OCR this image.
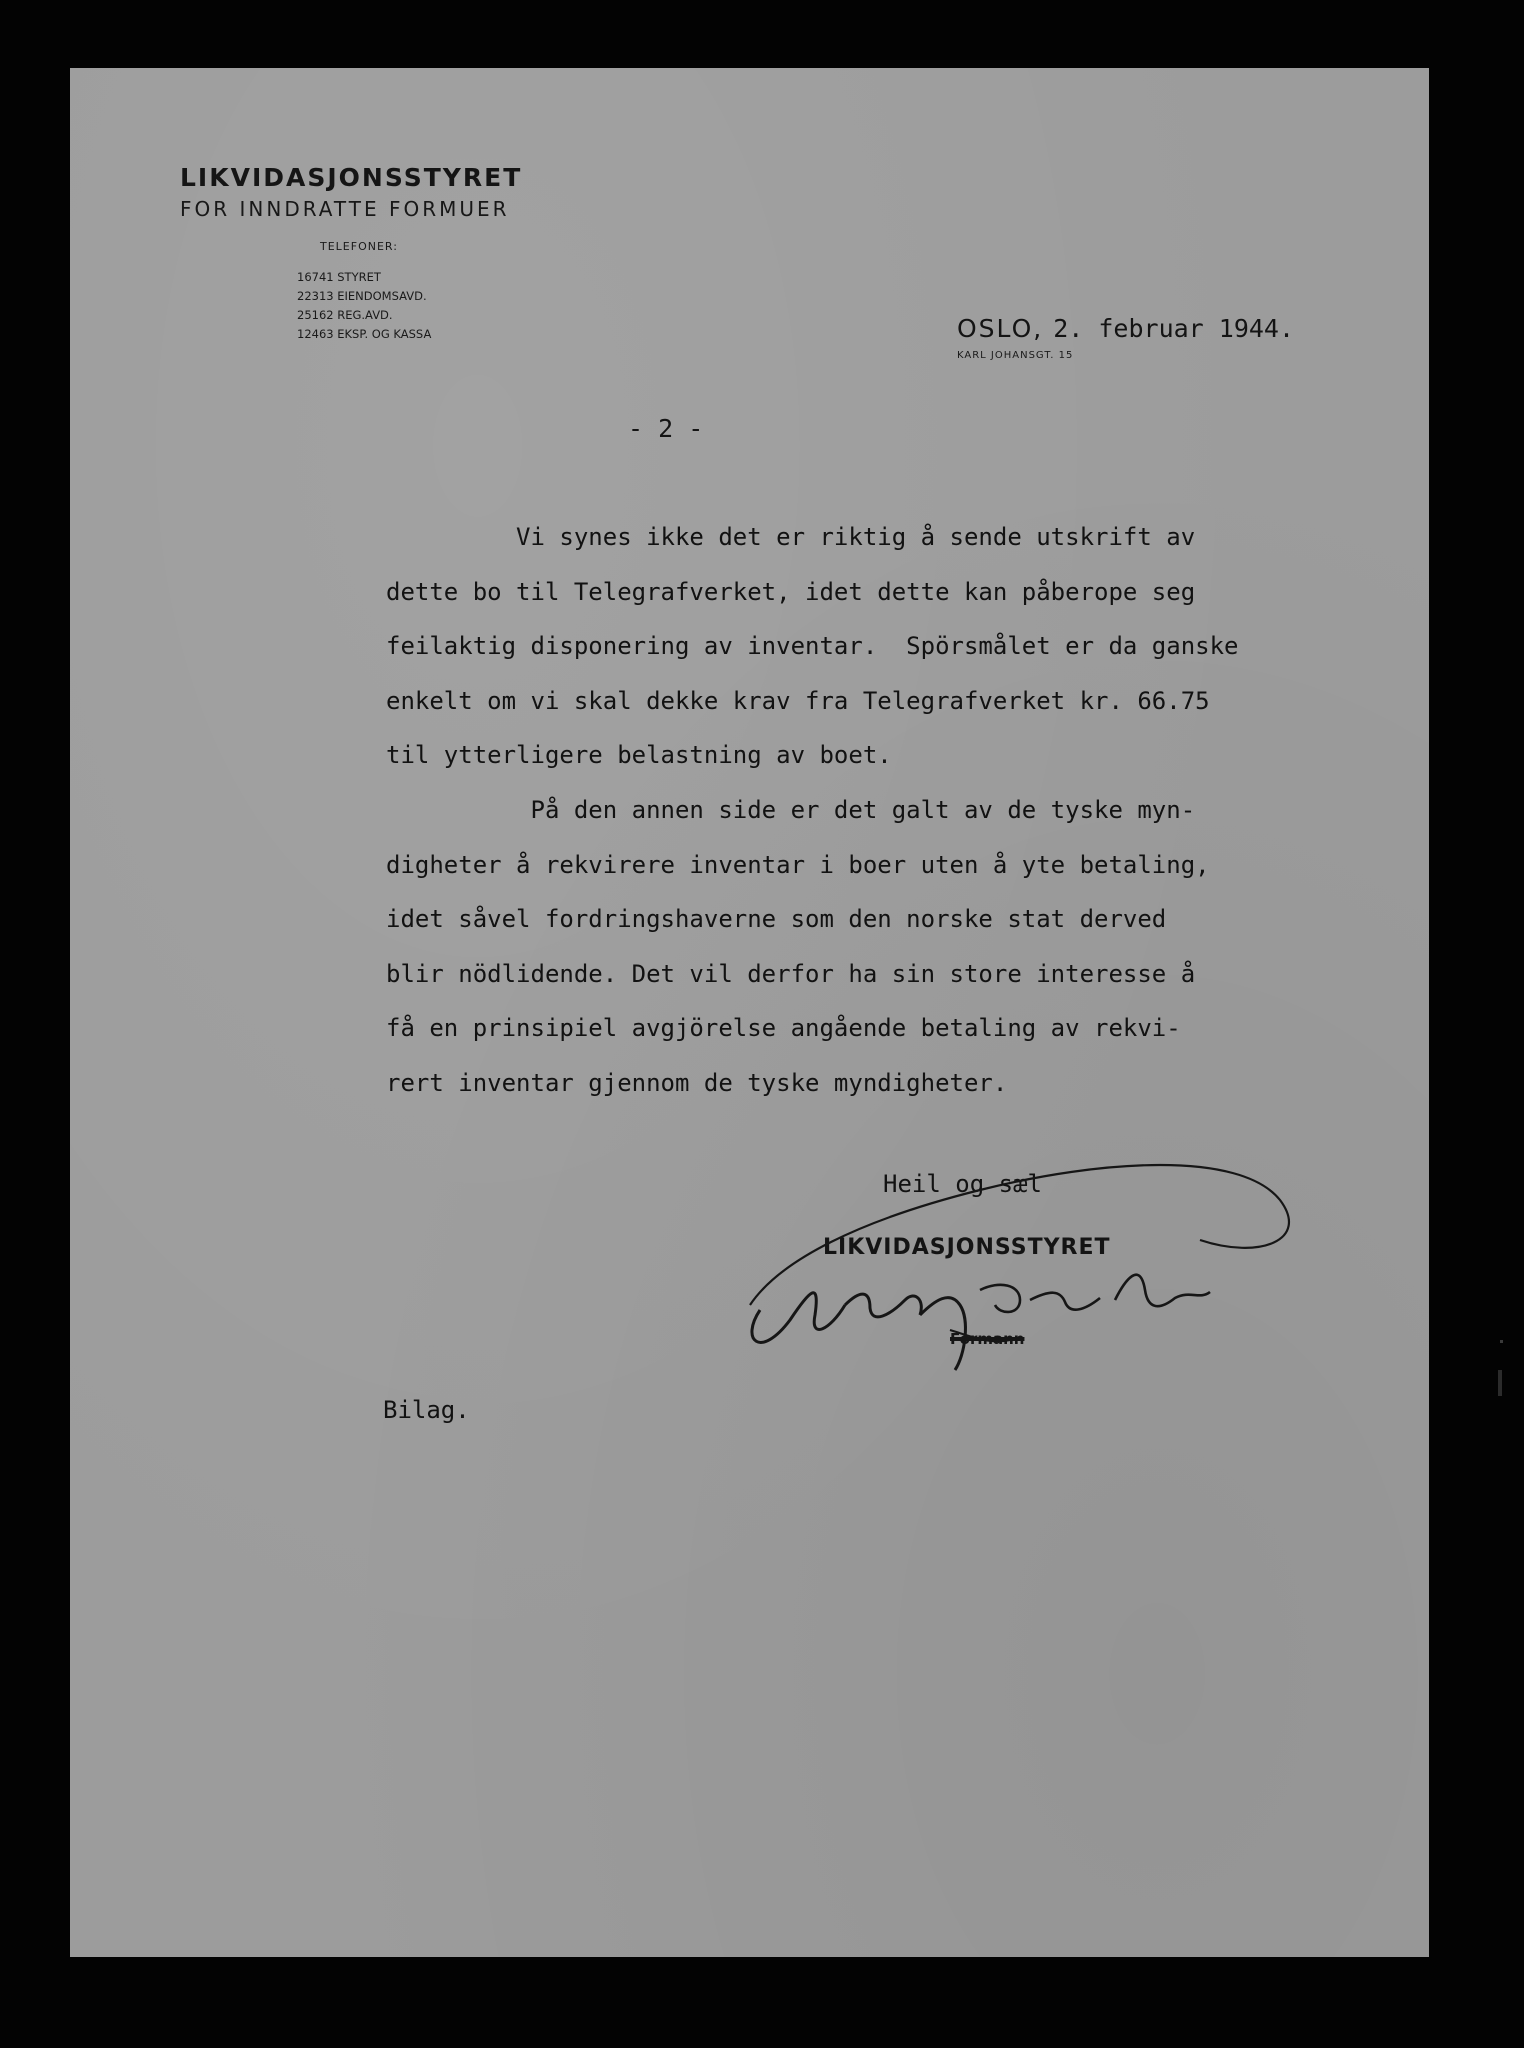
LIKVIDASJONSSTYRET
FOR INNDRATTE FORMUER
TELEFONER:
16741 STYRET
22313 EIENDOMSAVD.
25162 REG.AVD.
12463 EKSP. OG KASSA	OSLO, 2. februar 1944.
KARL JOHANSGT. 15
- 2 -
Vi synes ikke det er riktig å sende utskrift av
dette bo til Telegrafverket, idet dette kan påberope seg
feilaktig disponering av inventar.  Spörsmålet er da ganske
enkelt om vi skal dekke krav fra Telegrafverket kr. 66.75
til ytterligere belastning av boet.
På den annen side er det galt av de tyske myn-
digheter å rekvirere inventar i boer uten å yte betaling,
idet såvel fordringshaverne som den norske stat derved
blir nödlidende. Det vil derfor ha sin store interesse å
få en prinsipiel avgjörelse angående betaling av rekvi-
rert inventar gjennom de tyske myndigheter.
Heil og sæl
LIKVIDASJONSSTYRET
Formann
Bilag.
